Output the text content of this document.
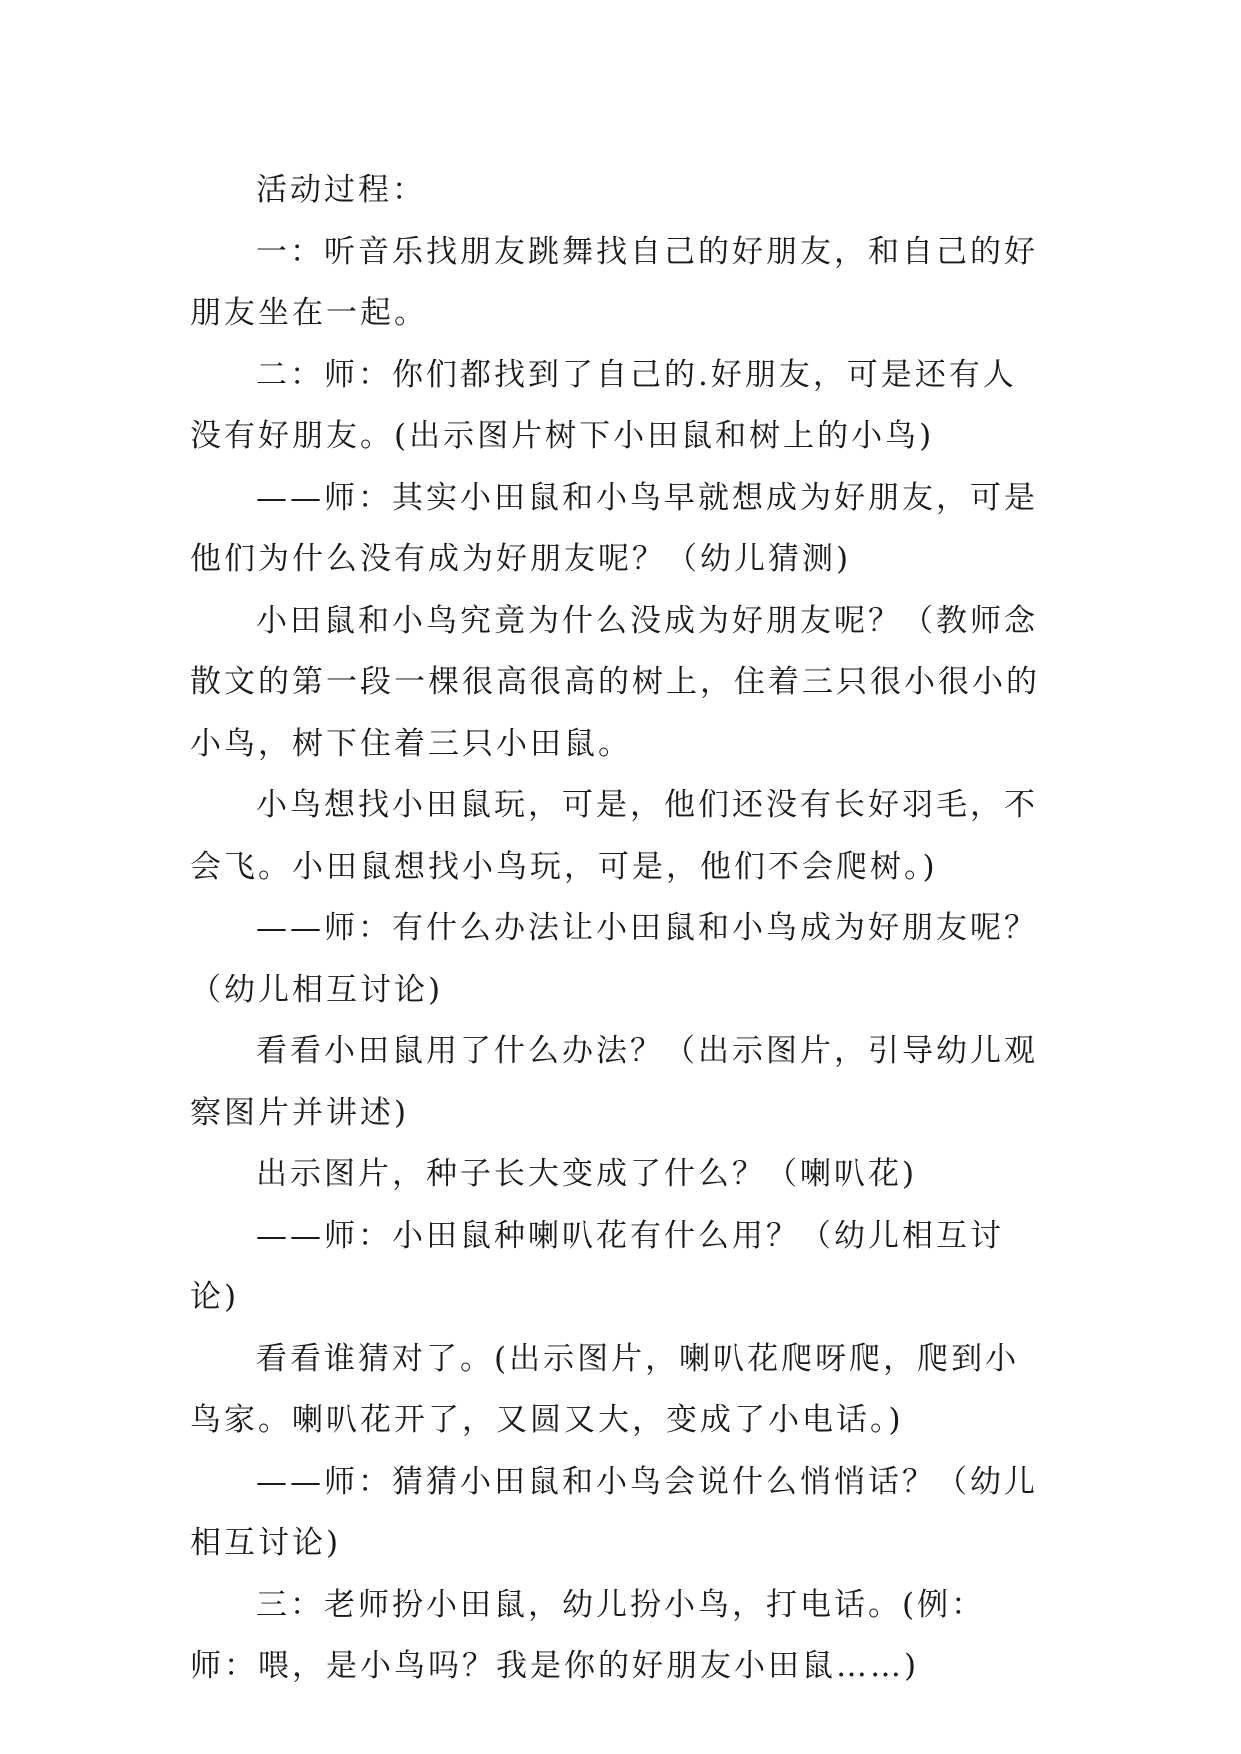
活动过程：

一：听音乐找朋友跳舞找自己的好朋友，和自己的好朋友坐在一起。

二：师：你们都找到了自己的.好朋友，可是还有人没有好朋友。(出示图片树下小田鼠和树上的小鸟)

——师：其实小田鼠和小鸟早就想成为好朋友，可是他们为什么没有成为好朋友呢？（幼儿猜测)

小田鼠和小鸟究竟为什么没成为好朋友呢？（教师念散文的第一段一棵很高很高的树上，住着三只很小很小的小鸟，树下住着三只小田鼠。

小鸟想找小田鼠玩，可是，他们还没有长好羽毛，不会飞。小田鼠想找小鸟玩，可是，他们不会爬树。)

——师：有什么办法让小田鼠和小鸟成为好朋友呢？（幼儿相互讨论)

看看小田鼠用了什么办法？（出示图片，引导幼儿观察图片并讲述)

出示图片，种子长大变成了什么？（喇叭花)

——师：小田鼠种喇叭花有什么用？（幼儿相互讨论)

看看谁猜对了。(出示图片，喇叭花爬呀爬，爬到小鸟家。喇叭花开了，又圆又大，变成了小电话。)

——师：猜猜小田鼠和小鸟会说什么悄悄话？（幼儿相互讨论)

三：老师扮小田鼠，幼儿扮小鸟，打电话。(例：师：喂，是小鸟吗？我是你的好朋友小田鼠……)
